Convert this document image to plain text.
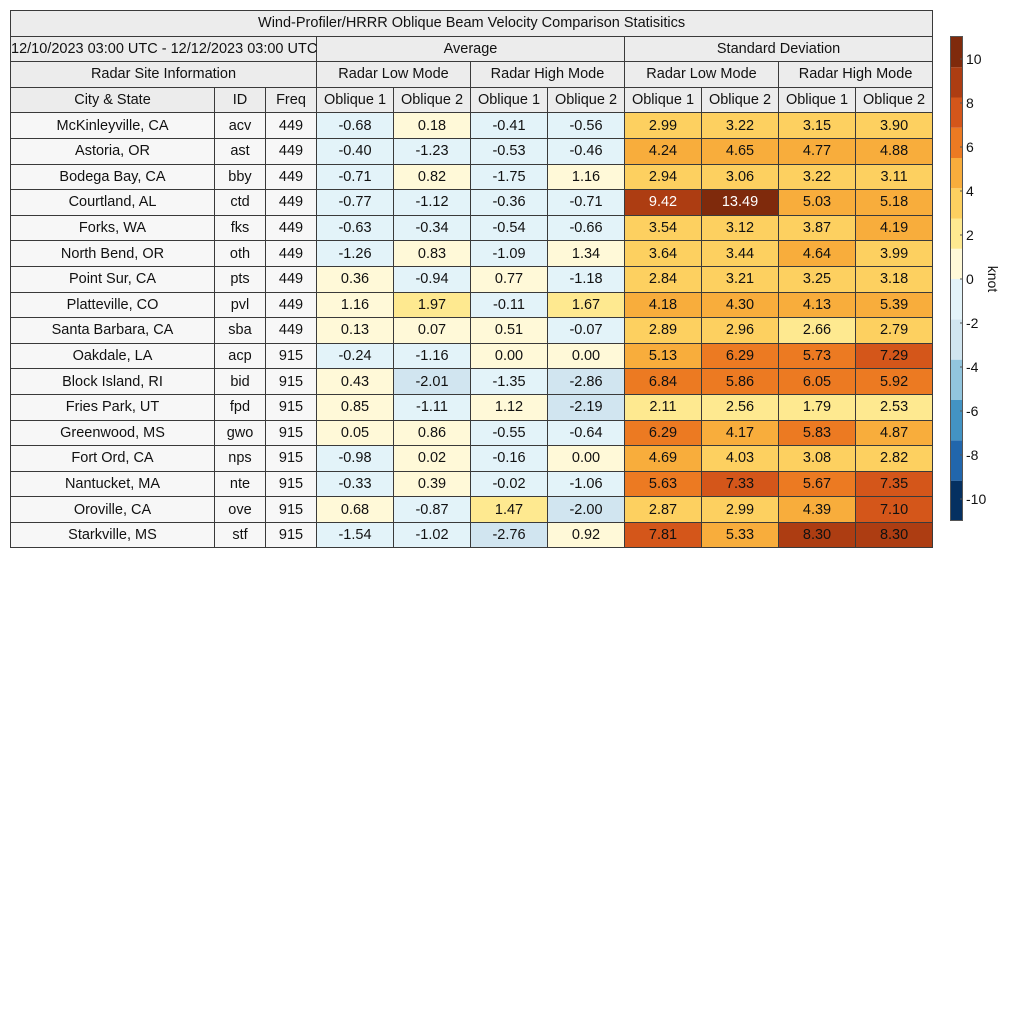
Wind-Profiler/HRRR Oblique Beam Velocity Comparison Statisitics										
12/10/2023 03:00 UTC - 12/12/2023 03:00 UTC			Average				Standard Deviation			
Radar Site Information			Radar Low Mode		Radar High Mode		Radar Low Mode		Radar High Mode	
City & State	ID	Freq	Oblique 1	Oblique 2	Oblique 1	Oblique 2	Oblique 1	Oblique 2	Oblique 1	Oblique 2
McKinleyville, CA	acv	449	-0.68	0.18	-0.41	-0.56	2.99	3.22	3.15	3.90
Astoria, OR	ast	449	-0.40	-1.23	-0.53	-0.46	4.24	4.65	4.77	4.88
Bodega Bay, CA	bby	449	-0.71	0.82	-1.75	1.16	2.94	3.06	3.22	3.11
Courtland, AL	ctd	449	-0.77	-1.12	-0.36	-0.71	9.42	13.49	5.03	5.18
Forks, WA	fks	449	-0.63	-0.34	-0.54	-0.66	3.54	3.12	3.87	4.19
North Bend, OR	oth	449	-1.26	0.83	-1.09	1.34	3.64	3.44	4.64	3.99
Point Sur, CA	pts	449	0.36	-0.94	0.77	-1.18	2.84	3.21	3.25	3.18
Platteville, CO	pvl	449	1.16	1.97	-0.11	1.67	4.18	4.30	4.13	5.39
Santa Barbara, CA	sba	449	0.13	0.07	0.51	-0.07	2.89	2.96	2.66	2.79
Oakdale, LA	acp	915	-0.24	-1.16	0.00	0.00	5.13	6.29	5.73	7.29
Block Island, RI	bid	915	0.43	-2.01	-1.35	-2.86	6.84	5.86	6.05	5.92
Fries Park, UT	fpd	915	0.85	-1.11	1.12	-2.19	2.11	2.56	1.79	2.53
Greenwood, MS	gwo	915	0.05	0.86	-0.55	-0.64	6.29	4.17	5.83	4.87
Fort Ord, CA	nps	915	-0.98	0.02	-0.16	0.00	4.69	4.03	3.08	2.82
Nantucket, MA	nte	915	-0.33	0.39	-0.02	-1.06	5.63	7.33	5.67	7.35
Oroville, CA	ove	915	0.68	-0.87	1.47	-2.00	2.87	2.99	4.39	7.10
Starkville, MS	stf	915	-1.54	-1.02	-2.76	0.92	7.81	5.33	8.30	8.30
10
8
6
4
2
0
-2
-4
-6
-8
-10
knot
